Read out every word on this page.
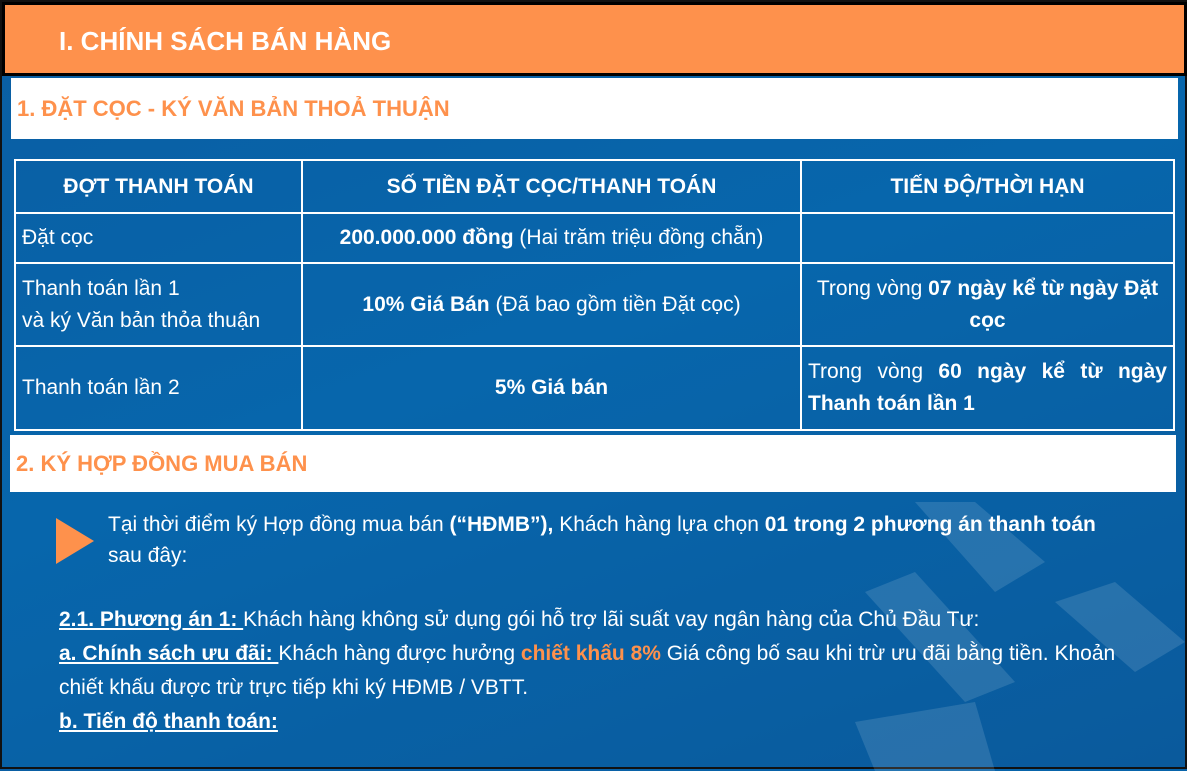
I. CHÍNH SÁCH BÁN HÀNG
1. ĐẶT CỌC - KÝ VĂN BẢN THOẢ THUẬN
ĐỢT THANH TOÁN	SỐ TIỀN ĐẶT CỌC/THANH TOÁN	TIẾN ĐỘ/THỜI HẠN
Đặt cọc	200.000.000 đồng (Hai trăm triệu đồng chẵn)	
Thanh toán lần 1
và ký Văn bản thỏa thuận	10% Giá Bán (Đã bao gồm tiền Đặt cọc)	Trong vòng 07 ngày kể từ ngày Đặt cọc
Thanh toán lần 2	5% Giá bán	Trong vòng 60 ngày kể từ ngày Thanh toán lần 1
2. KÝ HỢP ĐỒNG MUA BÁN
Tại thời điểm ký Hợp đồng mua bán (“HĐMB”), Khách hàng lựa chọn 01 trong 2 phương án thanh toán sau đây:
2.1. Phương án 1: Khách hàng không sử dụng gói hỗ trợ lãi suất vay ngân hàng của Chủ Đầu Tư:
a. Chính sách ưu đãi: Khách hàng được hưởng chiết khấu 8% Giá công bố sau khi trừ ưu đãi bằng tiền. Khoản chiết khấu được trừ trực tiếp khi ký HĐMB / VBTT.
b. Tiến độ thanh toán:
